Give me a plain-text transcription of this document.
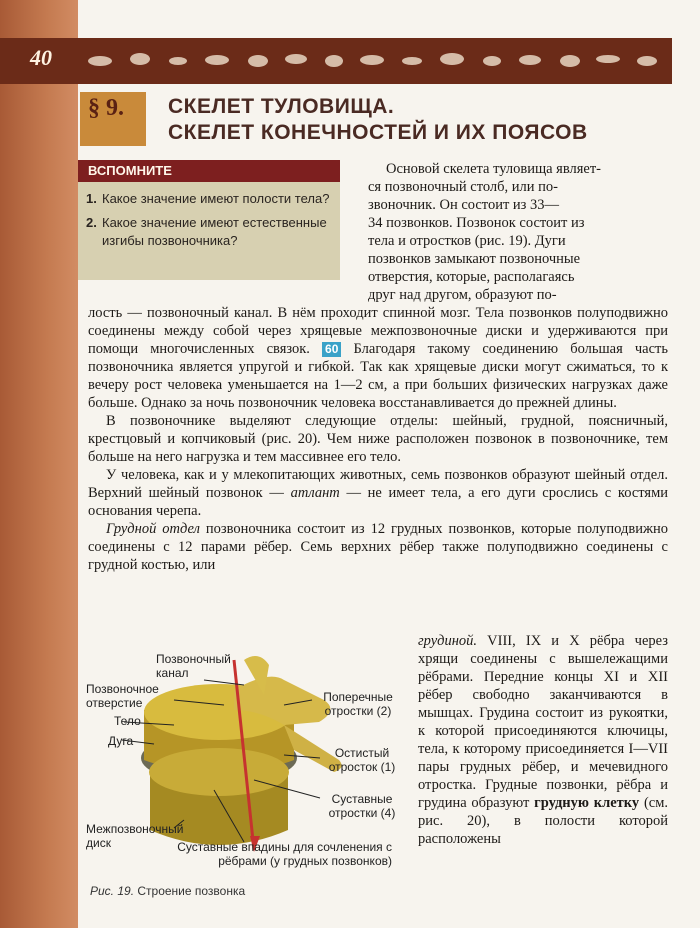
40
§ 9. СКЕЛЕТ ТУЛОВИЩА.
СКЕЛЕТ КОНЕЧНОСТЕЙ И ИХ ПОЯСОВ
ВСПОМНИТЕ
1. Какое значение имеют полости тела?
2. Какое значение имеют естественные изгибы позвоночника?
Основой скелета туловища являет-
ся позвоночный столб, или по-
звоночник. Он состоит из 33—
34 позвонков. Позвонок состоит из
тела и отростков (рис. 19). Дуги
позвонков замыкают позвоночные
отверстия, которые, располагаясь
друг над другом, образуют по-

лость — позвоночный канал. В нём проходит спинной мозг. Тела позвонков полуподвижно соединены между собой через хрящевые межпозвоночные диски и удерживаются при помощи многочисленных связок. 60 Благодаря такому соединению большая часть позвоночника является упругой и гибкой. Так как хрящевые диски могут сжиматься, то к вечеру рост человека уменьшается на 1—2 см, а при больших физических нагрузках даже больше. Однако за ночь позвоночник человека восстанавливается до прежней длины.

В позвоночнике выделяют следующие отделы: шейный, грудной, поясничный, крестцовый и копчиковый (рис. 20). Чем ниже расположен позвонок в позвоночнике, тем больше на него нагрузка и тем массивнее его тело.

У человека, как и у млекопитающих животных, семь позвонков образуют шейный отдел. Верхний шейный позвонок — атлант — не имеет тела, а его дуги срослись с костями основания черепа.

Грудной отдел позвоночника состоит из 12 грудных позвонков, которые полуподвижно соединены с 12 парами рёбер. Семь верхних рёбер также полуподвижно соединены с грудной костью, или

грудиной. VIII, IX и X рёбра через хрящи соединены с вышележащими рёбрами. Передние концы XI и XII рёбер свободно заканчиваются в мышцах. Грудина состоит из рукоятки, к которой присоединяются ключицы, тела, к которому присоединяется I—VII пары грудных рёбер, и мечевидного отростка. Грудные позвонки, рёбра и грудина образуют грудную клетку (см. рис. 20), в полости которой расположены

Позвоночный канал
Позвоночное отверстие
Тело
Дуга
Поперечные отростки (2)
Остистый отросток (1)
Суставные отростки (4)
Межпозвоночный диск	Суставные впадины для сочленения с рёбрами (у грудных позвонков)
Рис. 19. Строение позвонка
